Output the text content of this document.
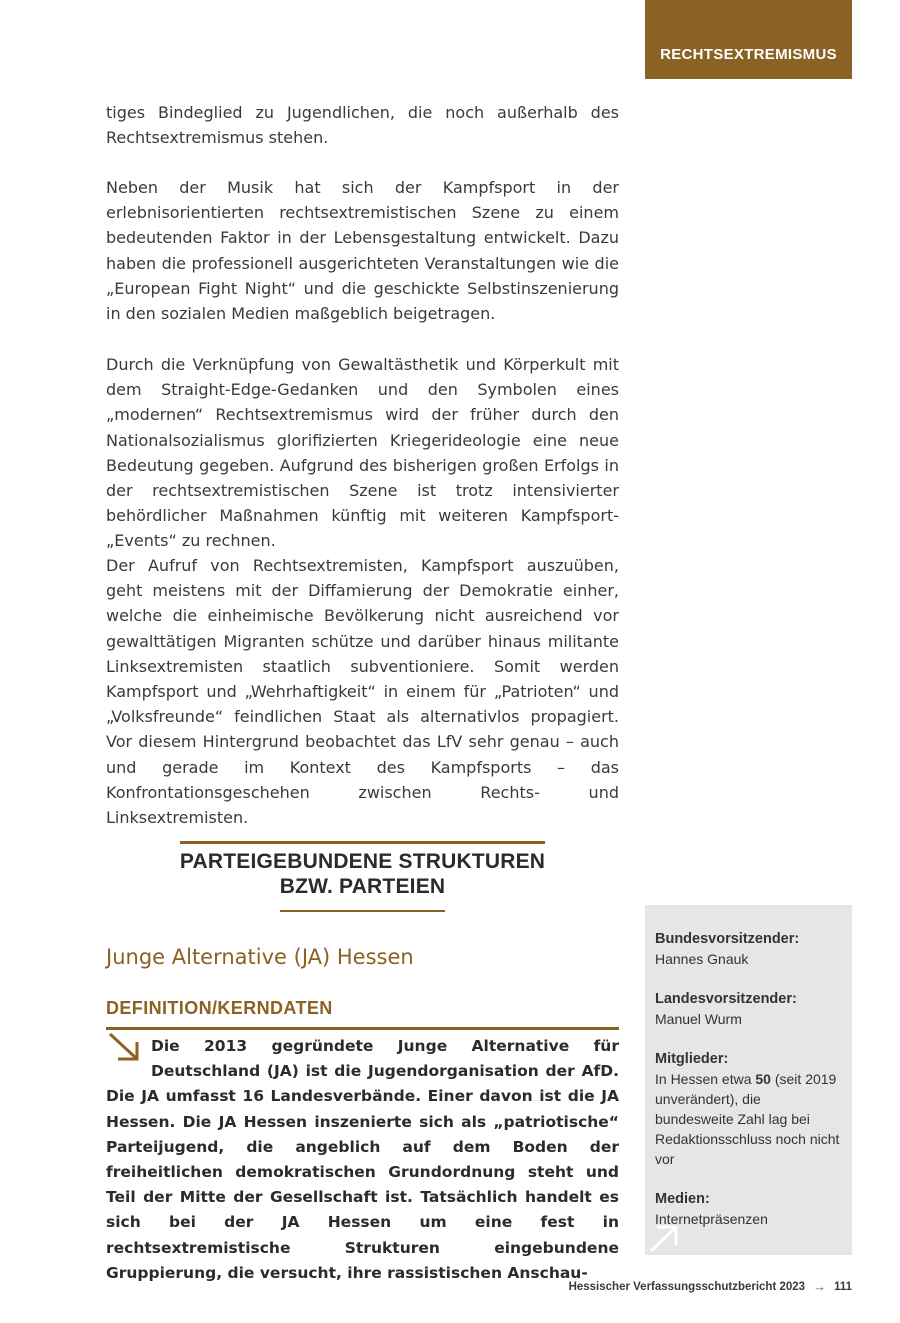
RECHTSEXTREMISMUS

tiges Bindeglied zu Jugendlichen, die noch außerhalb des Rechtsextremismus stehen.

Neben der Musik hat sich der Kampfsport in der erlebnisorientierten rechtsextremistischen Szene zu einem bedeutenden Faktor in der Lebensgestaltung entwickelt. Dazu haben die professionell ausgerichteten Veranstaltungen wie die „European Fight Night“ und die geschickte Selbstinszenierung in den sozialen Medien maßgeblich beigetragen.

Durch die Verknüpfung von Gewaltästhetik und Körperkult mit dem Straight-Edge-Gedanken und den Symbolen eines „modernen“ Rechtsextremismus wird der früher durch den Nationalsozialismus glorifizierten Kriegerideologie eine neue Bedeutung gegeben. Aufgrund des bisherigen großen Erfolgs in der rechtsextremistischen Szene ist trotz intensivierter behördlicher Maßnahmen künftig mit weiteren Kampfsport-„Events“ zu rechnen.

Der Aufruf von Rechtsextremisten, Kampfsport auszuüben, geht meistens mit der Diffamierung der Demokratie einher, welche die einheimische Bevölkerung nicht ausreichend vor gewalttätigen Migranten schütze und darüber hinaus militante Linksextremisten staatlich subventioniere. Somit werden Kampfsport und „Wehrhaftigkeit“ in einem für „Patrioten“ und „Volksfreunde“ feindlichen Staat als alternativlos propagiert. Vor diesem Hintergrund beobachtet das LfV sehr genau – auch und gerade im Kontext des Kampfsports – das Konfrontationsgeschehen zwischen Rechts- und Linksextremisten.

PARTEIGEBUNDENE STRUKTUREN
BZW. PARTEIEN
Junge Alternative (JA) Hessen
DEFINITION/KERNDATEN

Die 2013 gegründete Junge Alternative für Deutschland (JA) ist die Jugendorganisation der AfD. Die JA umfasst 16 Landesverbände. Einer davon ist die JA Hessen. Die JA Hessen inszenierte sich als „patriotische“ Parteijugend, die angeblich auf dem Boden der freiheitlichen demokratischen Grundordnung steht und Teil der Mitte der Gesellschaft ist. Tatsächlich handelt es sich bei der JA Hessen um eine fest in rechtsextremistische Strukturen eingebundene Gruppierung, die versucht, ihre rassistischen Anschau-

Bundesvorsitzender:
Hannes Gnauk
Landesvorsitzender:
Manuel Wurm
Mitglieder:
In Hessen etwa 50 (seit 2019 unverändert), die bundesweite Zahl lag bei Redaktionsschluss noch nicht vor
Medien:
Internetpräsenzen
Hessischer Verfassungsschutzbericht 2023 → 111
